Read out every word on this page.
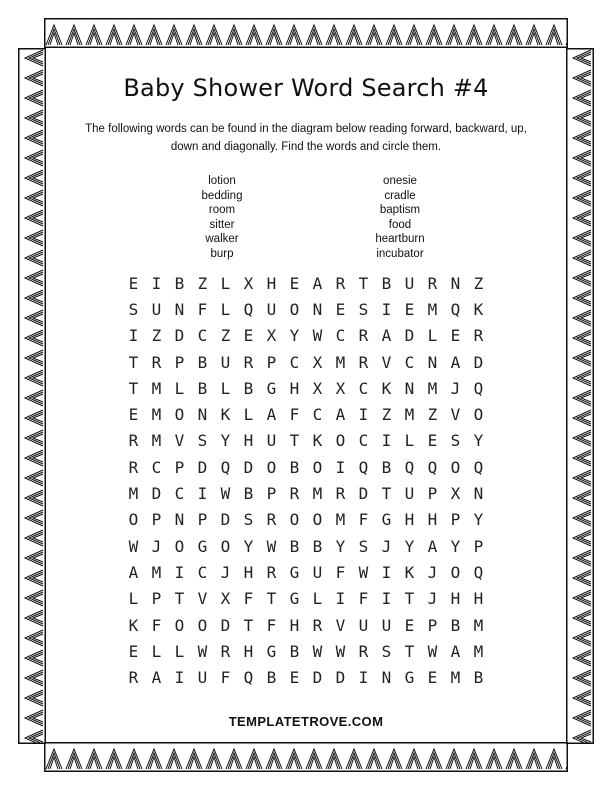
Baby Shower Word Search #4
The following words can be found in the diagram below reading forward, backward, up, down and diagonally. Find the words and circle them.
lotion
bedding
room
sitter
walker
burp
onesie
cradle
baptism
food
heartburn
incubator
E I B Z L X H E A R T B U R N Z
S U N F L Q U O N E S I E M Q K
I Z D C Z E X Y W C R A D L E R
T R P B U R P C X M R V C N A D
T M L B L B G H X X C K N M J Q
E M O N K L A F C A I Z M Z V O
R M V S Y H U T K O C I L E S Y
R C P D Q D O B O I Q B Q Q O Q
M D C I W B P R M R D T U P X N
O P N P D S R O O M F G H H P Y
W J O G O Y W B B Y S J Y A Y P
A M I C J H R G U F W I K J O Q
L P T V X F T G L I F I T J H H
K F O O D T F H R V U U E P B M
E L L W R H G B W W R S T W A M
R A I U F Q B E D D I N G E M B
TEMPLATETROVE.COM
